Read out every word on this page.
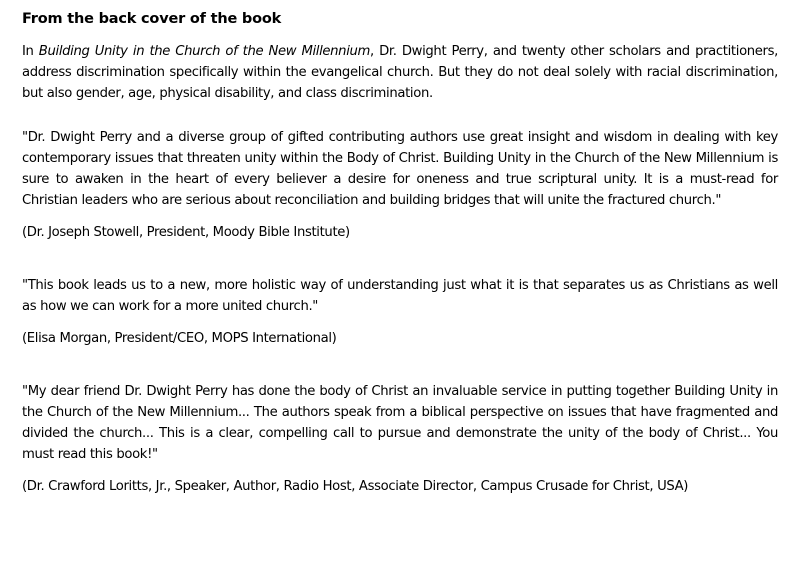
From the back cover of the book

In Building Unity in the Church of the New Millennium, Dr. Dwight Perry, and twenty other scholars and practitioners, address discrimination specifically within the evangelical church. But they do not deal solely with racial discrimination, but also gender, age, physical disability, and class discrimination.

"Dr. Dwight Perry and a diverse group of gifted contributing authors use great insight and wisdom in dealing with key contemporary issues that threaten unity within the Body of Christ. Building Unity in the Church of the New Millennium is sure to awaken in the heart of every believer a desire for oneness and true scriptural unity. It is a must-read for Christian leaders who are serious about reconciliation and building bridges that will unite the fractured church."

(Dr. Joseph Stowell, President, Moody Bible Institute)

"This book leads us to a new, more holistic way of understanding just what it is that separates us as Christians as well as how we can work for a more united church."

(Elisa Morgan, President/CEO, MOPS International)

"My dear friend Dr. Dwight Perry has done the body of Christ an invaluable service in putting together Building Unity in the Church of the New Millennium... The authors speak from a biblical perspective on issues that have fragmented and divided the church... This is a clear, compelling call to pursue and demonstrate the unity of the body of Christ... You must read this book!"

(Dr. Crawford Loritts, Jr., Speaker, Author, Radio Host, Associate Director, Campus Crusade for Christ, USA)
